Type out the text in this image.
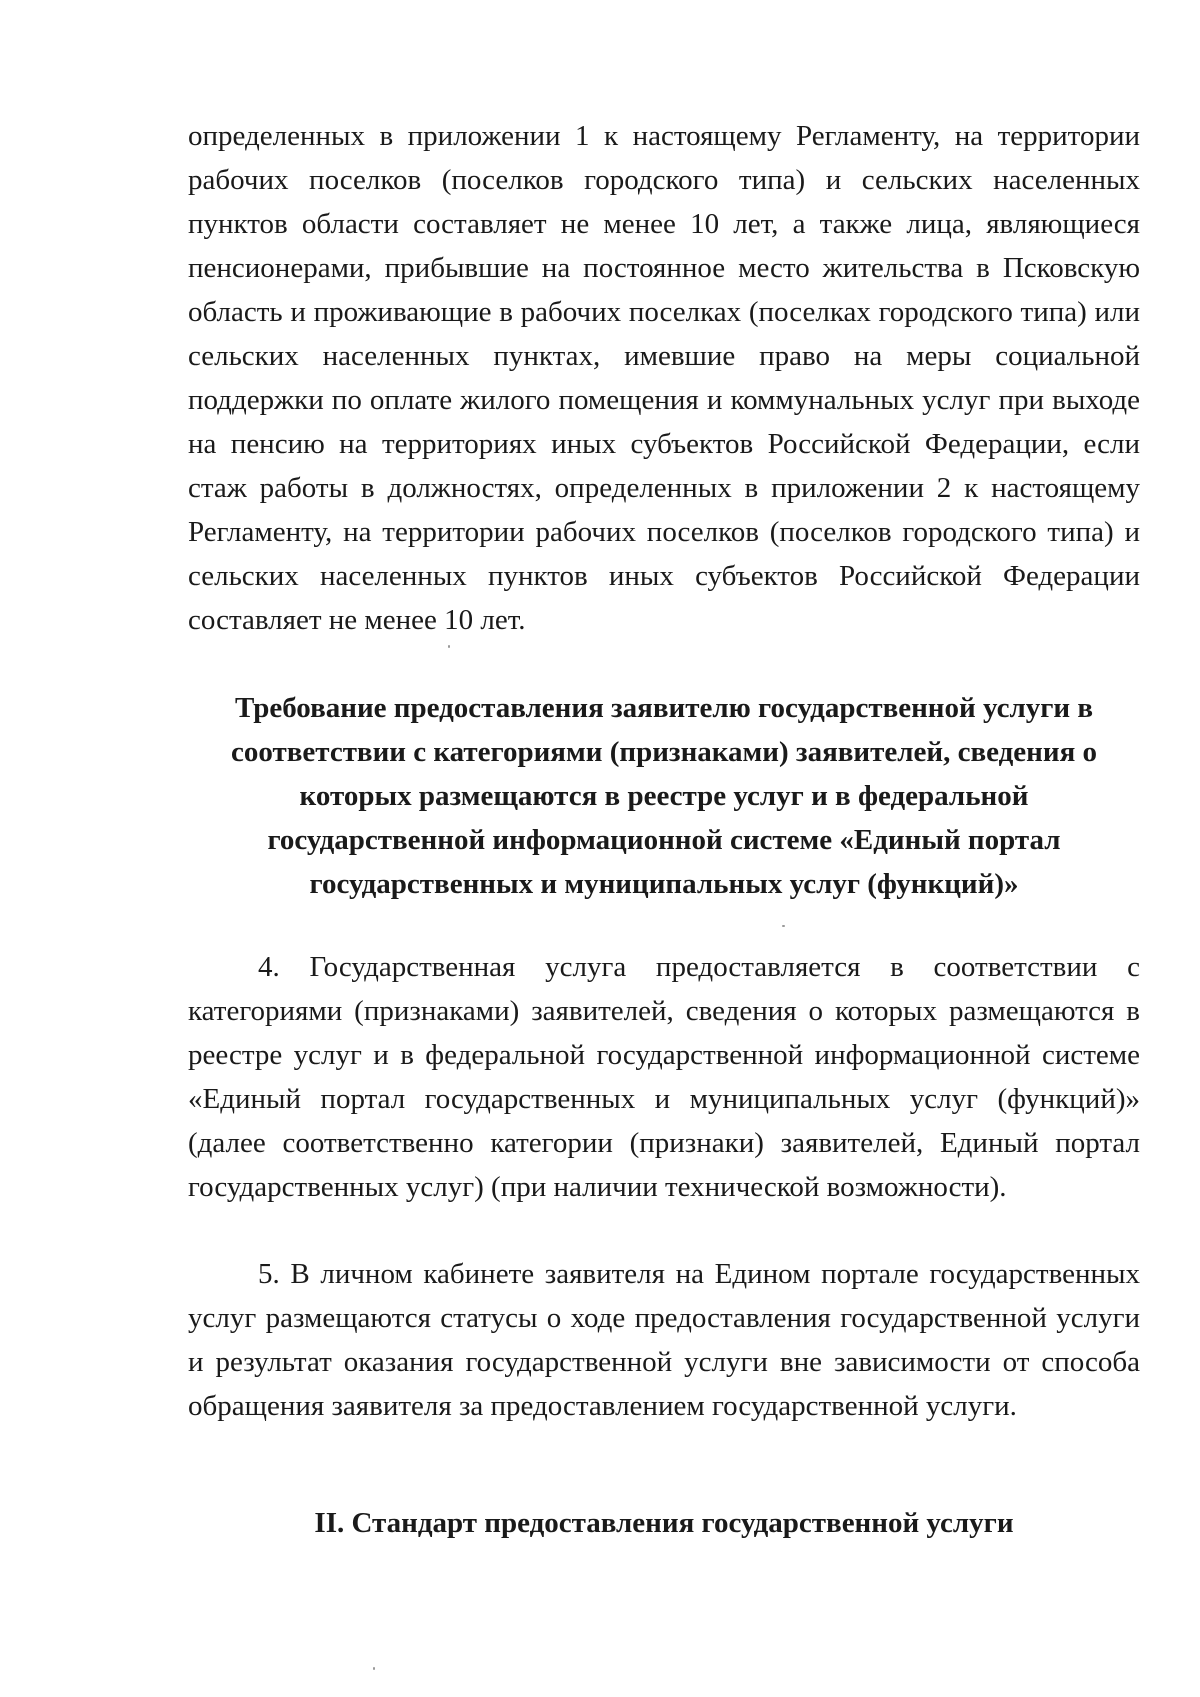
определенных в приложении 1 к настоящему Регламенту, на территории рабочих поселков (поселков городского типа) и сельских населенных пунктов области составляет не менее 10 лет, а также лица, являющиеся пенсионерами, прибывшие на постоянное место жительства в Псковскую область и проживающие в рабочих поселках (поселках городского типа) или сельских населенных пунктах, имевшие право на меры социальной поддержки по оплате жилого помещения и коммунальных услуг при выходе на пенсию на территориях иных субъектов Российской Федерации, если стаж работы в должностях, определенных в приложении 2 к настоящему Регламенту, на территории рабочих поселков (поселков городского типа) и сельских населенных пунктов иных субъектов Российской Федерации составляет не менее 10 лет.

Требование предоставления заявителю государственной услуги в соответствии с категориями (признаками) заявителей, сведения о которых размещаются в реестре услуг и в федеральной государственной информационной системе «Единый портал государственных и муниципальных услуг (функций)»

4. Государственная услуга предоставляется в соответствии с категориями (признаками) заявителей, сведения о которых размещаются в реестре услуг и в федеральной государственной информационной системе «Единый портал государственных и муниципальных услуг (функций)» (далее соответственно категории (признаки) заявителей, Единый портал государственных услуг) (при наличии технической возможности).

5. В личном кабинете заявителя на Едином портале государственных услуг размещаются статусы о ходе предоставления государственной услуги и результат оказания государственной услуги вне зависимости от способа обращения заявителя за предоставлением государственной услуги.

II. Стандарт предоставления государственной услуги
